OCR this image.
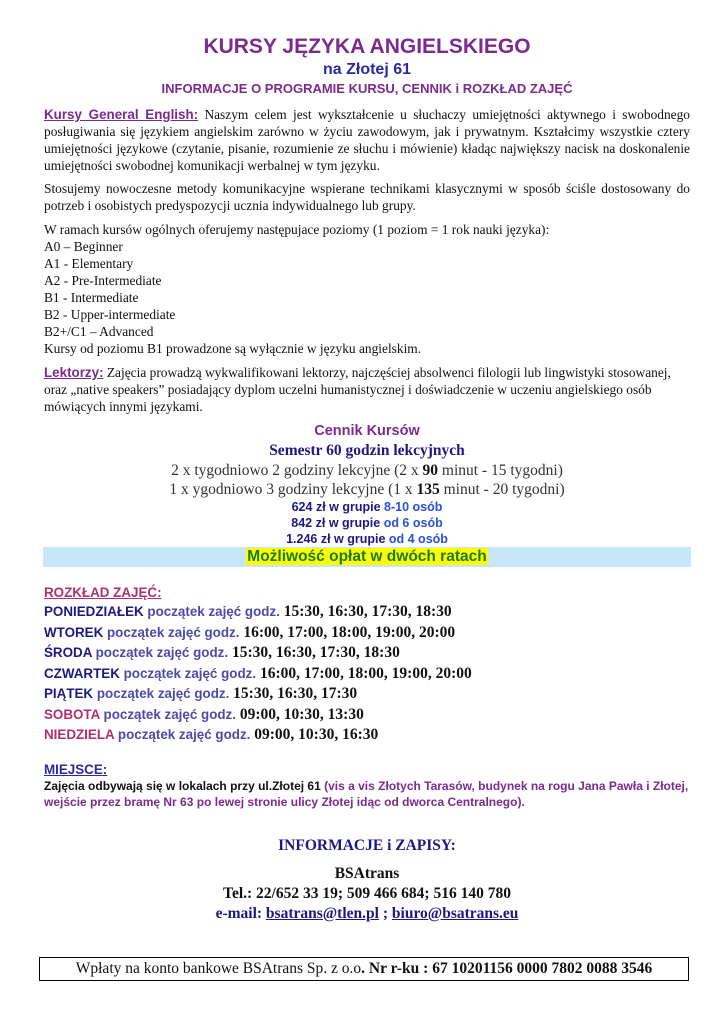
KURSY JĘZYKA ANGIELSKIEGO
na Złotej 61
INFORMACJE O PROGRAMIE KURSU, CENNIK i ROZKŁAD ZAJĘĆ

Kursy General English: Naszym celem jest wykształcenie u słuchaczy umiejętności aktywnego i swobodnego posługiwania się językiem angielskim zarówno w życiu zawodowym, jak i prywatnym. Kształcimy wszystkie cztery umiejętności językowe (czytanie, pisanie, rozumienie ze słuchu i mówienie) kładąc największy nacisk na doskonalenie umiejętności swobodnej komunikacji werbalnej w tym języku.

Stosujemy nowoczesne metody komunikacyjne wspierane technikami klasycznymi w sposób ściśle dostosowany do potrzeb i osobistych predyspozycji ucznia indywidualnego lub grupy.

W ramach kursów ogólnych oferujemy następujace poziomy (1 poziom = 1 rok nauki języka):

A0 – Beginner
A1 - Elementary
A2 - Pre-Intermediate
B1 - Intermediate
B2 - Upper-intermediate
B2+/C1 – Advanced
Kursy od poziomu B1 prowadzone są wyłącznie w języku angielskim.

Lektorzy: Zajęcia prowadzą wykwalifikowani lektorzy, najczęściej absolwenci filologii lub lingwistyki stosowanej, oraz „native speakers” posiadający dyplom uczelni humanistycznej i doświadczenie w uczeniu angielskiego osób mówiących innymi językami.

Cennik Kursów
Semestr 60 godzin lekcyjnych
2 x tygodniowo 2 godziny lekcyjne (2 x 90 minut - 15 tygodni)
1 x ygodniowo 3 godziny lekcyjne (1 x 135 minut - 20 tygodni)
624 zł w grupie 8-10 osób
842 zł w grupie od 6 osób
1.246 zł w grupie od 4 osób
Możliwość opłat w dwóch ratach
ROZKŁAD ZAJĘĆ:
PONIEDZIAŁEK początek zajęć godz. 15:30, 16:30, 17:30, 18:30
WTOREK początek zajęć godz. 16:00, 17:00, 18:00, 19:00, 20:00
ŚRODA początek zajęć godz. 15:30, 16:30, 17:30, 18:30
CZWARTEK początek zajęć godz. 16:00, 17:00, 18:00, 19:00, 20:00
PIĄTEK początek zajęć godz. 15:30, 16:30, 17:30
SOBOTA początek zajęć godz. 09:00, 10:30, 13:30
NIEDZIELA początek zajęć godz. 09:00, 10:30, 16:30
MIEJSCE:
Zajęcia odbywają się w lokalach przy ul.Złotej 61 (vis a vis Złotych Tarasów, budynek na rogu Jana Pawła i Złotej, wejście przez bramę Nr 63 po lewej stronie ulicy Złotej idąc od dworca Centralnego).
INFORMACJE i ZAPISY:
BSAtrans
Tel.: 22/652 33 19; 509 466 684; 516 140 780
e-mail: bsatrans@tlen.pl ; biuro@bsatrans.eu
Wpłaty na konto bankowe BSAtrans Sp. z o.o. Nr r-ku : 67 10201156 0000 7802 0088 3546
